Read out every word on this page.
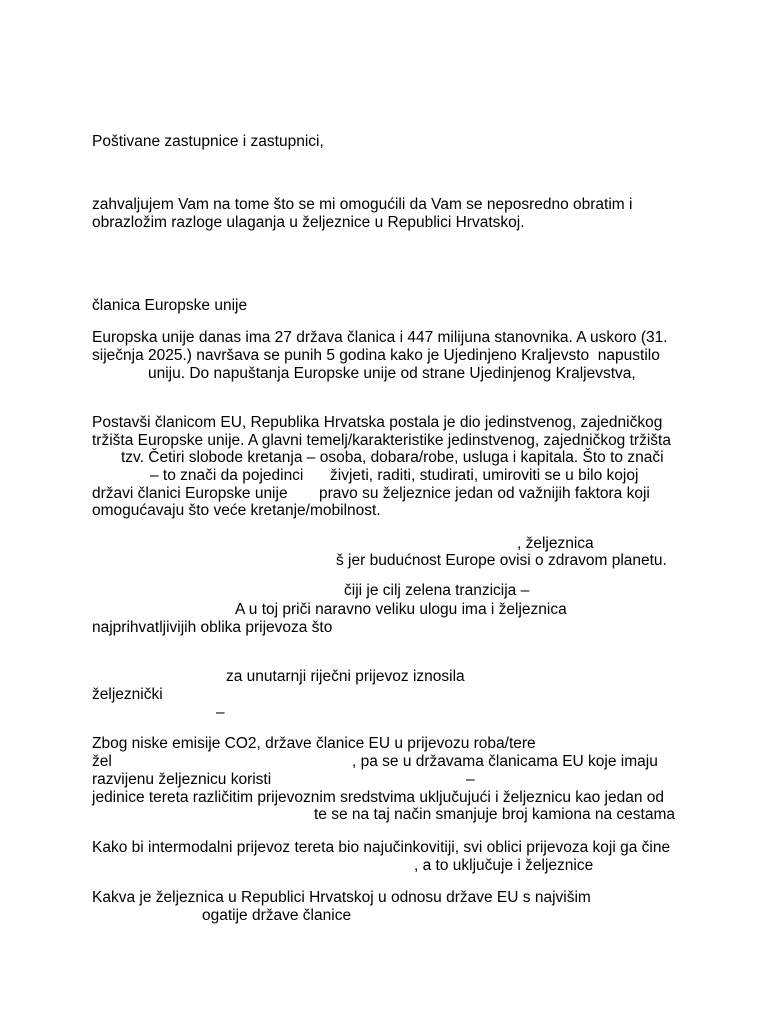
Poštivane zastupnice i zastupnici,

zahvaljujem Vam na tome što se mi omogućili da Vam se neposredno obratim i

obrazložim razloge ulaganja u željeznice u Republici Hrvatskoj.

članica Europske unije

Europska unije danas ima 27 država članica i 447 milijuna stanovnika. A uskoro (31.

siječnja 2025.) navršava se punih 5 godina kako je Ujedinjeno Kraljevsto  napustilo

uniju. Do napuštanja Europske unije od strane Ujedinjenog Kraljevstva,

Postavši članicom EU, Republika Hrvatska postala je dio jedinstvenog, zajedničkog

tržišta Europske unije. A glavni temelj/karakteristike jedinstvenog, zajedničkog tržišta

tzv. Četiri slobode kretanja – osoba, dobara/robe, usluga i kapitala. Što to znači

– to znači da pojedinci živjeti, raditi, studirati, umiroviti se u bilo kojoj

državi članici Europske unije pravo su željeznice jedan od važnijih faktora koji

omogućavaju što veće kretanje/mobilnost.

, željeznica

š jer budućnost Europe ovisi o zdravom planetu.

čiji je cilj zelena tranzicija –

A u toj priči naravno veliku ulogu ima i željeznica

najprihvatljivijih oblika prijevoza što

za unutarnji riječni prijevoz iznosila

željeznički

–

Zbog niske emisije CO2, države članice EU u prijevozu roba/tere

žel	, pa se u državama članicama EU koje imaju

razvijenu željeznicu koristi	–

jedinice tereta različitim prijevoznim sredstvima uključujući i željeznicu kao jedan od

te se na taj način smanjuje broj kamiona na cestama

Kako bi intermodalni prijevoz tereta bio najučinkovitiji, svi oblici prijevoza koji ga čine

, a to uključuje i željeznice

Kakva je željeznica u Republici Hrvatskoj u odnosu države EU s najvišim

ogatije države članice
